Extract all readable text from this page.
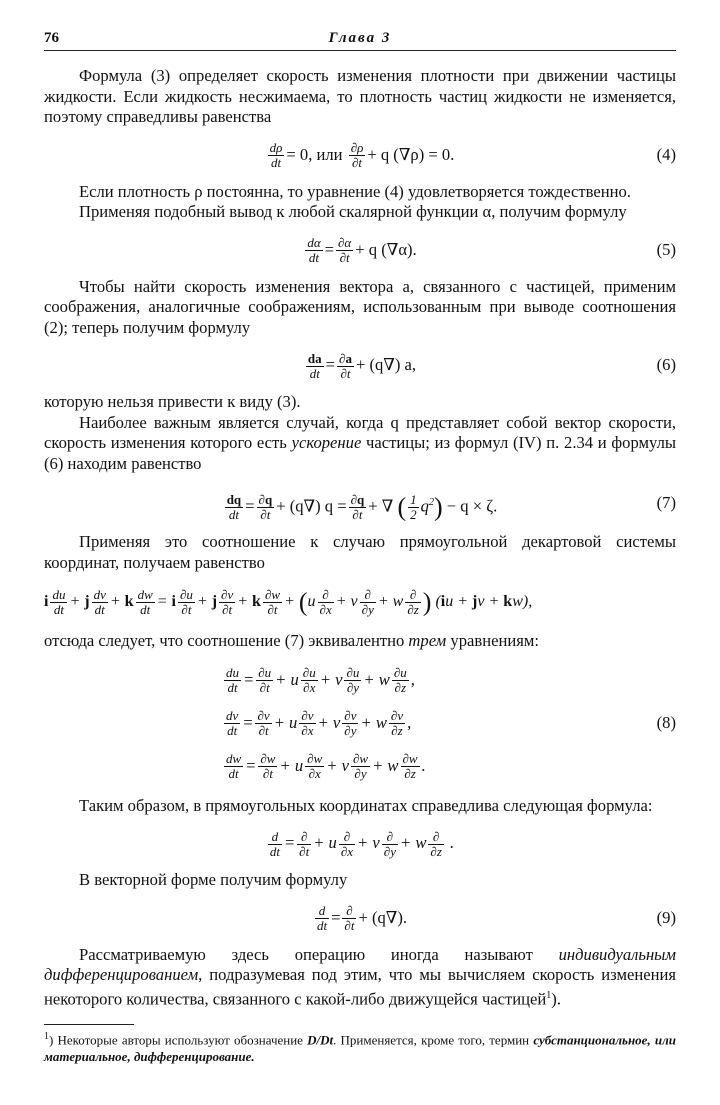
76	Глава 3

Формула (3) определяет скорость изменения плотности при движении частицы жидкости. Если жидкость несжимаема, то плотность частиц жидкости не изменяется, поэтому справедливы равенства

$\frac{d\rho}{dt} = 0$, или $\frac{\partial\rho}{\partial t} + q$ (∇ρ) = 0.	(4)

Если плотность ρ постоянна, то уравнение (4) удовлетворяется тождественно.

Применяя подобный вывод к любой скалярной функции α, получим формулу

$\frac{d\alpha}{dt} = \frac{\partial\alpha}{\partial t} + q$ (∇α).	(5)

Чтобы найти скорость изменения вектора a, связанного с частицей, применим соображения, аналогичные соображениям, использованным при выводе соотношения (2); теперь получим формулу

$\frac{da}{dt} = \frac{\partial a}{\partial t} + (q\nabla)$ a,	(6)

которую нельзя привести к виду (3).

Наиболее важным является случай, когда q представляет собой вектор скорости, скорость изменения которого есть ускорение частицы; из формул (IV) п. 2.34 и формулы (6) находим равенство

$\frac{dq}{dt} = \frac{\partial q}{\partial t} + (q\nabla) q = \frac{\partial q}{\partial t}$ + ∇ ( $\frac{1}{2} q^2) - q \times \zeta$.	(7)

Применяя это соотношение к случаю прямоугольной декартовой системы координат, получаем равенство

i $\frac{du}{dt} + j \frac{dv}{dt} + k \frac{dw}{dt} = i \frac{\partial u}{\partial t} + j \frac{\partial v}{\partial t} + k \frac{\partial w}{\partial t} + (u \frac{\partial}{\partial x} + v \frac{\partial}{\partial y} + w \frac{\partial}{\partial z}$ ) (iu + jv + kw),

отсюда следует, что соотношение (7) эквивалентно трем уравнениям:

$\frac{du}{dt} = \frac{\partial u}{\partial t} + u \frac{\partial u}{\partial x} + v \frac{\partial u}{\partial y} + w \frac{\partial u}{\partial z}$ ,
$\frac{dv}{dt} = \frac{\partial v}{\partial t} + u \frac{\partial v}{\partial x} + v \frac{\partial v}{\partial y} + w \frac{\partial v}{\partial z}$ ,
$\frac{dw}{dt} = \frac{\partial w}{\partial t} + u \frac{\partial w}{\partial x} + v \frac{\partial w}{\partial y} + w \frac{\partial w}{\partial z}$ .
(8)

Таким образом, в прямоугольных координатах справедлива следующая формула:

$\frac{d}{dt} = \frac{\partial}{\partial t} + u \frac{\partial}{\partial x} + v \frac{\partial}{\partial y} + w \frac{\partial}{\partial z}$ .

В векторной форме получим формулу

$\frac{d}{dt} = \frac{\partial}{\partial t} + (q\nabla)$.	(9)

Рассматриваемую здесь операцию иногда называют индивидуальным дифференцированием, подразумевая под этим, что мы вычисляем скорость изменения некоторого количества, связанного с какой-либо движущейся частицей$^1$).

$^1$) Некоторые авторы используют обозначение D/Dt. Применяется, кроме того, термин субстанциональное, или материальное, дифференцирование.
